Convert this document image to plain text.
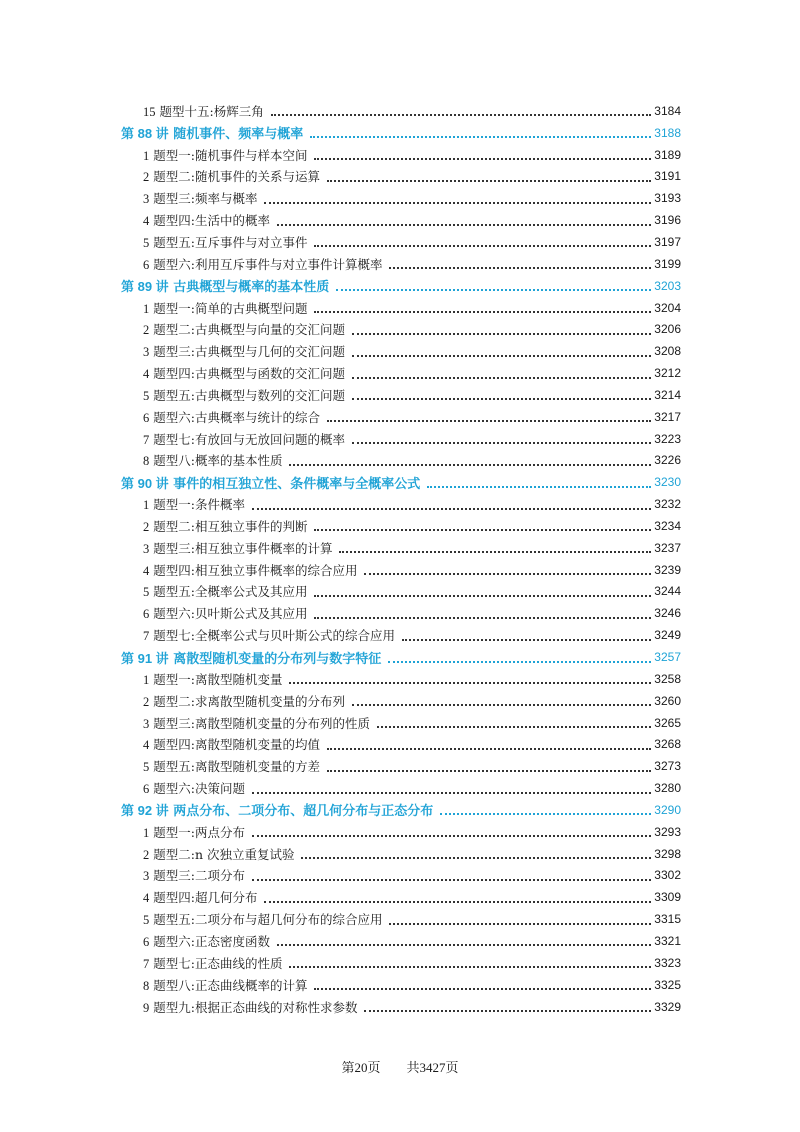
15 题型十五:杨辉三角	3184
第 88 讲 随机事件、频率与概率	3188
1 题型一:随机事件与样本空间	3189
2 题型二:随机事件的关系与运算	3191
3 题型三:频率与概率	3193
4 题型四:生活中的概率	3196
5 题型五:互斥事件与对立事件	3197
6 题型六:利用互斥事件与对立事件计算概率	3199
第 89 讲 古典概型与概率的基本性质	3203
1 题型一:简单的古典概型问题	3204
2 题型二:古典概型与向量的交汇问题	3206
3 题型三:古典概型与几何的交汇问题	3208
4 题型四:古典概型与函数的交汇问题	3212
5 题型五:古典概型与数列的交汇问题	3214
6 题型六:古典概率与统计的综合	3217
7 题型七:有放回与无放回问题的概率	3223
8 题型八:概率的基本性质	3226
第 90 讲 事件的相互独立性、条件概率与全概率公式	3230
1 题型一:条件概率	3232
2 题型二:相互独立事件的判断	3234
3 题型三:相互独立事件概率的计算	3237
4 题型四:相互独立事件概率的综合应用	3239
5 题型五:全概率公式及其应用	3244
6 题型六:贝叶斯公式及其应用	3246
7 题型七:全概率公式与贝叶斯公式的综合应用	3249
第 91 讲 离散型随机变量的分布列与数字特征	3257
1 题型一:离散型随机变量	3258
2 题型二:求离散型随机变量的分布列	3260
3 题型三:离散型随机变量的分布列的性质	3265
4 题型四:离散型随机变量的均值	3268
5 题型五:离散型随机变量的方差	3273
6 题型六:决策问题	3280
第 92 讲 两点分布、二项分布、超几何分布与正态分布	3290
1 题型一:两点分布	3293
2 题型二:n 次独立重复试验	3298
3 题型三:二项分布	3302
4 题型四:超几何分布	3309
5 题型五:二项分布与超几何分布的综合应用	3315
6 题型六:正态密度函数	3321
7 题型七:正态曲线的性质	3323
8 题型八:正态曲线概率的计算	3325
9 题型九:根据正态曲线的对称性求参数	3329
第20页 共3427页
